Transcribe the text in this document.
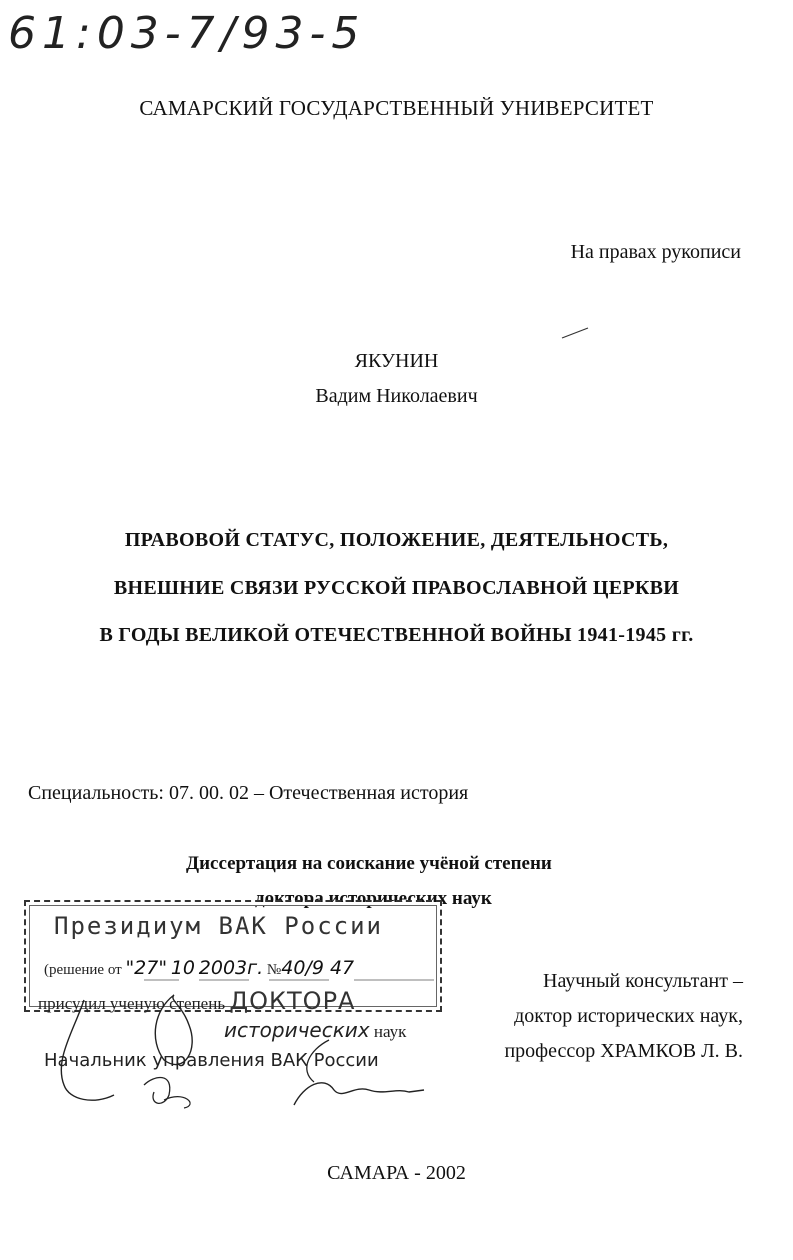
61:03-7/93-5
САМАРСКИЙ ГОСУДАРСТВЕННЫЙ УНИВЕРСИТЕТ
На правах рукописи
ЯКУНИН
Вадим Николаевич
ПРАВОВОЙ СТАТУС, ПОЛОЖЕНИЕ, ДЕЯТЕЛЬНОСТЬ,
ВНЕШНИЕ СВЯЗИ РУССКОЙ ПРАВОСЛАВНОЙ ЦЕРКВИ
В ГОДЫ ВЕЛИКОЙ ОТЕЧЕСТВЕННОЙ ВОЙНЫ 1941-1945 гг.
Специальность: 07. 00. 02 – Отечественная история
Диссертация на соискание учёной степени
доктора исторических наук
Президиум ВАК России
(решение от "27" 10 2003г. №40/9 47
присудил ученую степень ДОКТОРА
исторических наук
Начальник управления ВАК России
Научный консультант –
доктор исторических наук,
профессор ХРАМКОВ Л. В.
САМАРА - 2002
